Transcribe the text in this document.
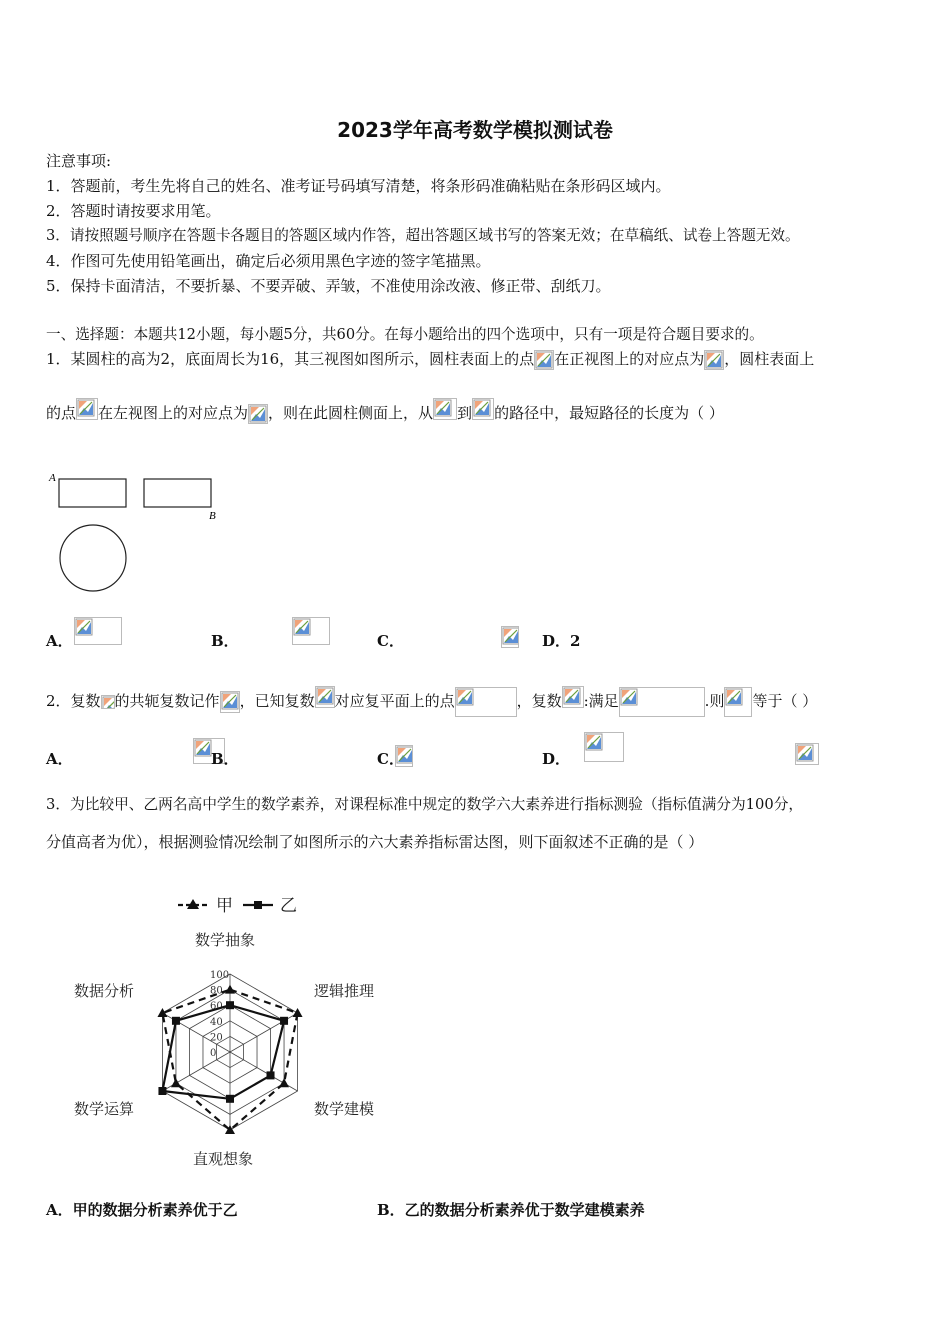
2023学年高考数学模拟测试卷
注意事项:
1．答题前，考生先将自己的姓名、准考证号码填写清楚，将条形码准确粘贴在条形码区域内。
2．答题时请按要求用笔。
3．请按照题号顺序在答题卡各题目的答题区域内作答，超出答题区域书写的答案无效；在草稿纸、试卷上答题无效。
4．作图可先使用铅笔画出，确定后必须用黑色字迹的签字笔描黑。
5．保持卡面清洁，不要折暴、不要弄破、弄皱，不准使用涂改液、修正带、刮纸刀。
一、选择题：本题共12小题，每小题5分，共60分。在每小题给出的四个选项中，只有一项是符合题目要求的。
1．某圆柱的高为2，底面周长为16，其三视图如图所示，圆柱表面上的点 在正视图上的对应点为 ，圆柱表面上
的点 在左视图上的对应点为 ，则在此圆柱侧面上，从 到 的路径中，最短路径的长度为（ ）
A
B
A．
	B．
	C．
	D．2
2．复数 的共轭复数记作 ，已知复数 对应复平面上的点	，复数 :满足	.则 等于（ ）
A．
	B．
	C．
	D．
3．为比较甲、乙两名高中学生的数学素养，对课程标准中规定的数学六大素养进行指标测验（指标值满分为100分，
分值高者为优），根据测验情况绘制了如图所示的六大素养指标雷达图，则下面叙述不正确的是（ ）
100
80
60
40
20
0
数学抽象
逻辑推理
数学建模
直观想象
数学运算
数据分析
甲	乙
A．甲的数据分析素养优于乙	B．乙的数据分析素养优于数学建模素养
